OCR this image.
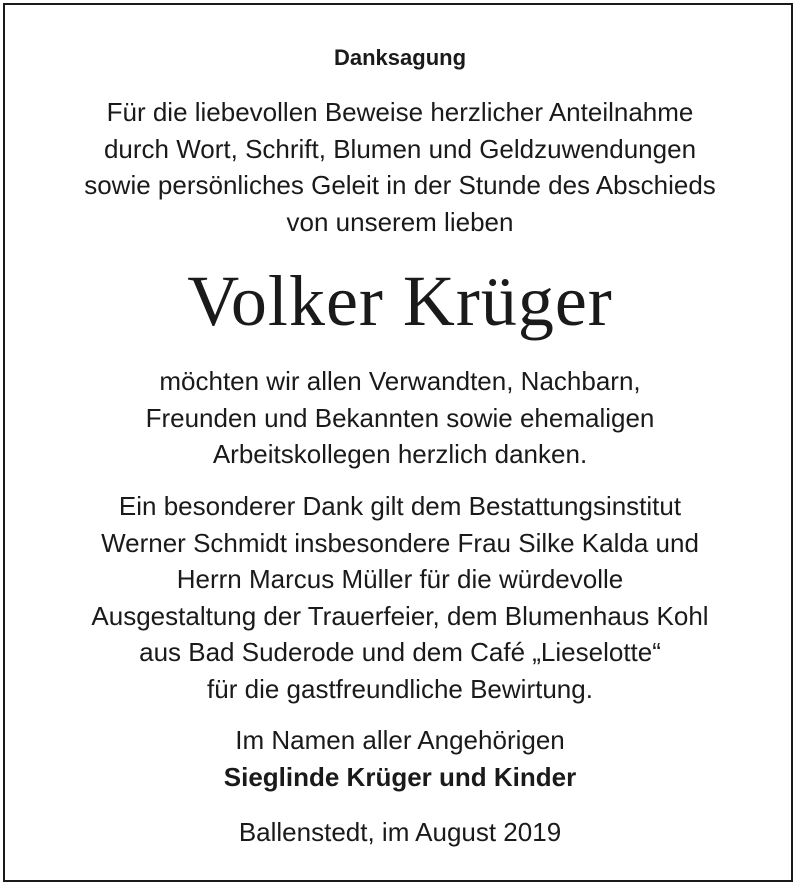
Danksagung
Für die liebevollen Beweise herzlicher Anteilnahme
durch Wort, Schrift, Blumen und Geldzuwendungen
sowie persönliches Geleit in der Stunde des Abschieds
von unserem lieben
Volker Krüger
möchten wir allen Verwandten, Nachbarn,
Freunden und Bekannten sowie ehemaligen
Arbeitskollegen herzlich danken.
Ein besonderer Dank gilt dem Bestattungsinstitut
Werner Schmidt insbesondere Frau Silke Kalda und
Herrn Marcus Müller für die würdevolle
Ausgestaltung der Trauerfeier, dem Blumenhaus Kohl
aus Bad Suderode und dem Café „Lieselotte“
für die gastfreundliche Bewirtung.
Im Namen aller Angehörigen
Sieglinde Krüger und Kinder
Ballenstedt, im August 2019
